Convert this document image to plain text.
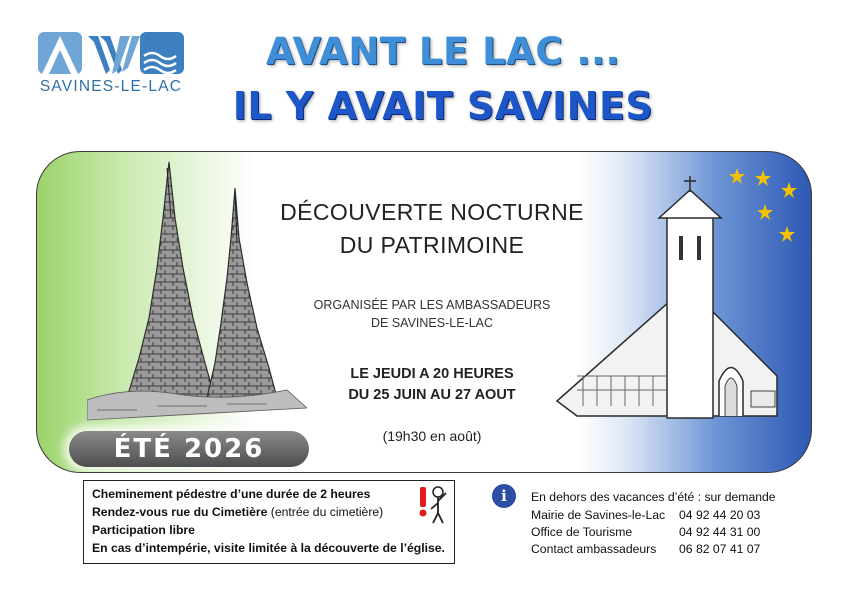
SAVINES-LE-LAC
AVANT LE LAC ...
IL Y AVAIT SAVINES
DÉCOUVERTE NOCTURNE
DU PATRIMOINE
ORGANISÉE PAR LES AMBASSADEURS
DE SAVINES-LE-LAC
LE JEUDI A 20 HEURES
DU 25 JUIN AU 27 AOUT
(19h30 en août)
ÉTÉ 2026
Cheminement pédestre d’une durée de 2 heures
Rendez-vous rue du Cimetière (entrée du cimetière)
Participation libre
En cas d’intempérie, visite limitée à la découverte de l’église.
i	En dehors des vacances d’été : sur demande
Mairie de Savines-le-Lac 04 92 44 20 03
Office de Tourisme	04 92 44 31 00
Contact ambassadeurs 06 82 07 41 07
